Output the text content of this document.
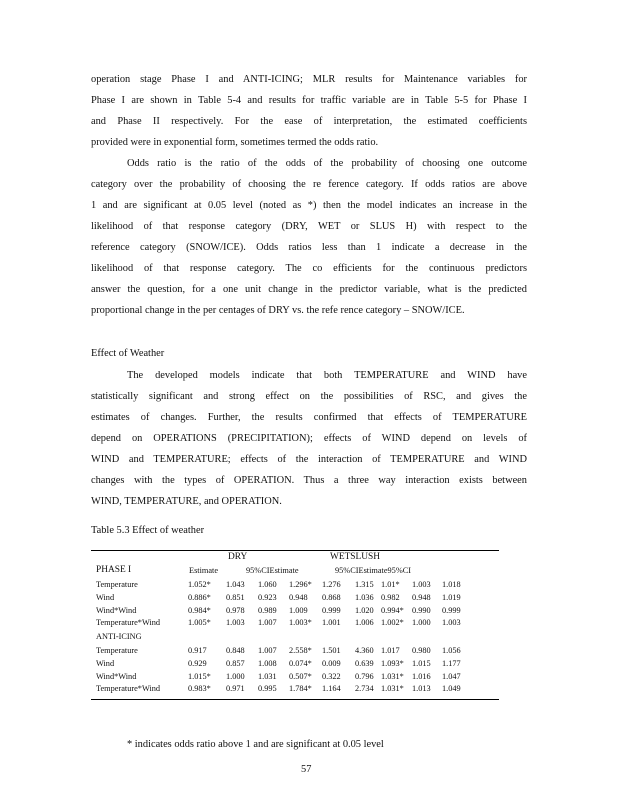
operation stage Phase I and ANTI-ICING; MLR results for Maintenance variables for
Phase I are shown in Table 5-4 and results for traffic variable are in Table 5-5 for Phase I
and Phase II respectively. For the ease of interpretation, the estimated coefficients
provided were in exponential form, sometimes termed the odds ratio.
Odds ratio is the ratio of the odds of the probability of choosing one outcome
category over the probability of choosing the re ference category. If odds ratios are above
1 and are significant at 0.05 level (noted as *) then the model indicates an increase in the
likelihood of that response category (DRY, WET or SLUS H) with respect to the
reference category (SNOW/ICE). Odds ratios less than 1 indicate a decrease in the
likelihood of that response category. The co efficients for the continuous predictors
answer the question, for a one unit change in the predictor variable, what is the predicted
proportional change in the per centages of DRY vs. the refe rence category – SNOW/ICE.
Effect of Weather
The developed models indicate that both TEMPERATURE and WIND have
statistically significant and strong effect on the possibilities of RSC, and gives the
estimates of changes. Further, the results confirmed that effects of TEMPERATURE
depend on OPERATIONS (PRECIPITATION); effects of WIND depend on levels of
WIND and TEMPERATURE; effects of the interaction of TEMPERATURE and WIND
changes with the types of OPERATION. Thus a three way interaction exists between
WIND, TEMPERATURE, and OPERATION.
Table 5.3 Effect of weather
DRY	WETSLUSH
PHASE I	Estimate	95%CIEstimate	95%CIEstimate95%CI
Temperature	1.052* 1.043 1.060 1.296* 1.276 1.315 1.01* 1.003 1.018
Wind	0.886* 0.851 0.923 0.948 0.868 1.036 0.982 0.948 1.019
Wind*Wind	0.984* 0.978 0.989 1.009 0.999 1.020 0.994* 0.990 0.999
Temperature*Wind	1.005* 1.003 1.007 1.003* 1.001 1.006 1.002* 1.000 1.003
ANTI-ICING
Temperature	0.917 0.848 1.007 2.558* 1.501 4.360 1.017 0.980 1.056
Wind	0.929 0.857 1.008 0.074* 0.009 0.639 1.093* 1.015 1.177
Wind*Wind	1.015* 1.000 1.031 0.507* 0.322 0.796 1.031* 1.016 1.047
Temperature*Wind	0.983* 0.971 0.995 1.784* 1.164 2.734 1.031* 1.013 1.049
* indicates odds ratio above 1 and are significant at 0.05 level
57
